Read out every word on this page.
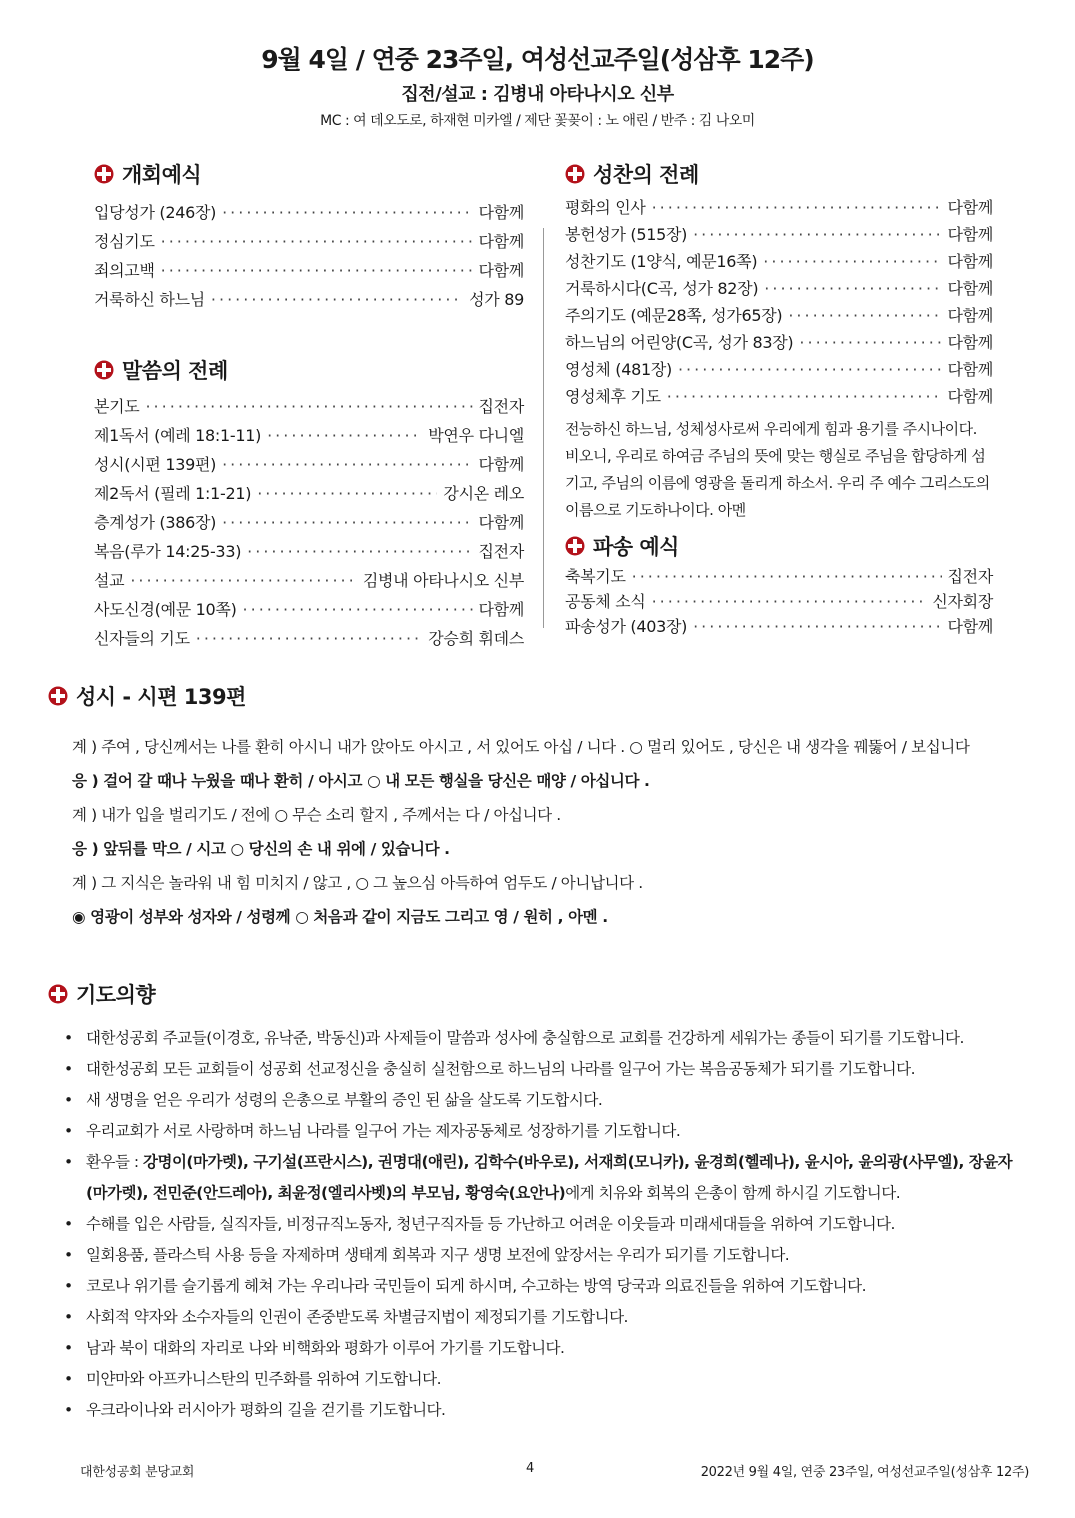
9월 4일 / 연중 23주일, 여성선교주일(성삼후 12주)
집전/설교 : 김병내 아타나시오 신부
MC : 여 데오도로, 하재현 미카엘 / 제단 꽃꽂이 : 노 애린 / 반주 : 김 나오미
개회예식
입당성가 (246장) ·····	다함께
정심기도 ·····	다함께
죄의고백 ·····	다함께
거룩하신 하느님 ·····	성가 89
말씀의 전례
본기도 ·····	집전자
제1독서 (예레 18:1-11) ·····	박연우 다니엘
성시(시편 139편) ·····	다함께
제2독서 (필레 1:1-21) ·····	강시온 레오
층계성가 (386장) ·····	다함께
복음(루가 14:25-33) ·····	집전자
설교 ·····	김병내 아타나시오 신부
사도신경(예문 10쪽) ·····	다함께
신자들의 기도 ·····	강승희 휘데스
성찬의 전례
평화의 인사 ·····	다함께
봉헌성가 (515장) ·····	다함께
성찬기도 (1양식, 예문16쪽) ·····	다함께
거룩하시다(C곡, 성가 82장) ·····	다함께
주의기도 (예문28쪽, 성가65장) ·····	다함께
하느님의 어린양(C곡, 성가 83장) ·····	다함께
영성체 (481장) ·····	다함께
영성체후 기도 ·····	다함께
전능하신 하느님, 성체성사로써 우리에게 힘과 용기를 주시나이다. 비오니, 우리로 하여금 주님의 뜻에 맞는 행실로 주님을 합당하게 섬기고, 주님의 이름에 영광을 돌리게 하소서. 우리 주 예수 그리스도의 이름으로 기도하나이다. 아멘
파송 예식
축복기도 ·····	집전자
공동체 소식 ·····	신자회장
파송성가 (403장) ·····	다함께
성시 - 시편 139편
계 ) 주여 , 당신께서는 나를 환히 아시니 내가 앉아도 아시고 , 서 있어도 아십 / 니다 . ○ 멀리 있어도 , 당신은 내 생각을 꿰뚫어 / 보십니다
응 ) 걸어 갈 때나 누웠을 때나 환히 / 아시고 ○ 내 모든 행실을 당신은 매양 / 아십니다 .
계 ) 내가 입을 벌리기도 / 전에 ○ 무슨 소리 할지 , 주께서는 다 / 아십니다 .
응 ) 앞뒤를 막으 / 시고 ○ 당신의 손 내 위에 / 있습니다 .
계 ) 그 지식은 놀라워 내 힘 미치지 / 않고 , ○ 그 높으심 아득하여 엄두도 / 아니납니다 .
◉ 영광이 성부와 성자와 / 성령께 ○ 처음과 같이 지금도 그리고 영 / 원히 , 아멘 .
기도의향
• 대한성공회 주교들(이경호, 유낙준, 박동신)과 사제들이 말씀과 성사에 충실함으로 교회를 건강하게 세워가는 종들이 되기를 기도합니다.
• 대한성공회 모든 교회들이 성공회 선교정신을 충실히 실천함으로 하느님의 나라를 일구어 가는 복음공동체가 되기를 기도합니다.
• 새 생명을 얻은 우리가 성령의 은총으로 부활의 증인 된 삶을 살도록 기도합시다.
• 우리교회가 서로 사랑하며 하느님 나라를 일구어 가는 제자공동체로 성장하기를 기도합니다.
• 환우들 : 강명이(마가렛), 구기설(프란시스), 권명대(애린), 김학수(바우로), 서재희(모니카), 윤경희(헬레나), 윤시아, 윤의광(사무엘), 장윤자(마가렛), 전민준(안드레아), 최윤정(엘리사벳)의 부모님, 황영숙(요안나)에게 치유와 회복의 은총이 함께 하시길 기도합니다.
• 수해를 입은 사람들, 실직자들, 비정규직노동자, 청년구직자들 등 가난하고 어려운 이웃들과 미래세대들을 위하여 기도합니다.
• 일회용품, 플라스틱 사용 등을 자제하며 생태계 회복과 지구 생명 보전에 앞장서는 우리가 되기를 기도합니다.
• 코로나 위기를 슬기롭게 헤쳐 가는 우리나라 국민들이 되게 하시며, 수고하는 방역 당국과 의료진들을 위하여 기도합니다.
• 사회적 약자와 소수자들의 인권이 존중받도록 차별금지법이 제정되기를 기도합니다.
• 남과 북이 대화의 자리로 나와 비핵화와 평화가 이루어 가기를 기도합니다.
• 미얀마와 아프카니스탄의 민주화를 위하여 기도합니다.
• 우크라이나와 러시아가 평화의 길을 걷기를 기도합니다.
대한성공회 분당교회	4	2022년 9월 4일, 연중 23주일, 여성선교주일(성삼후 12주)
